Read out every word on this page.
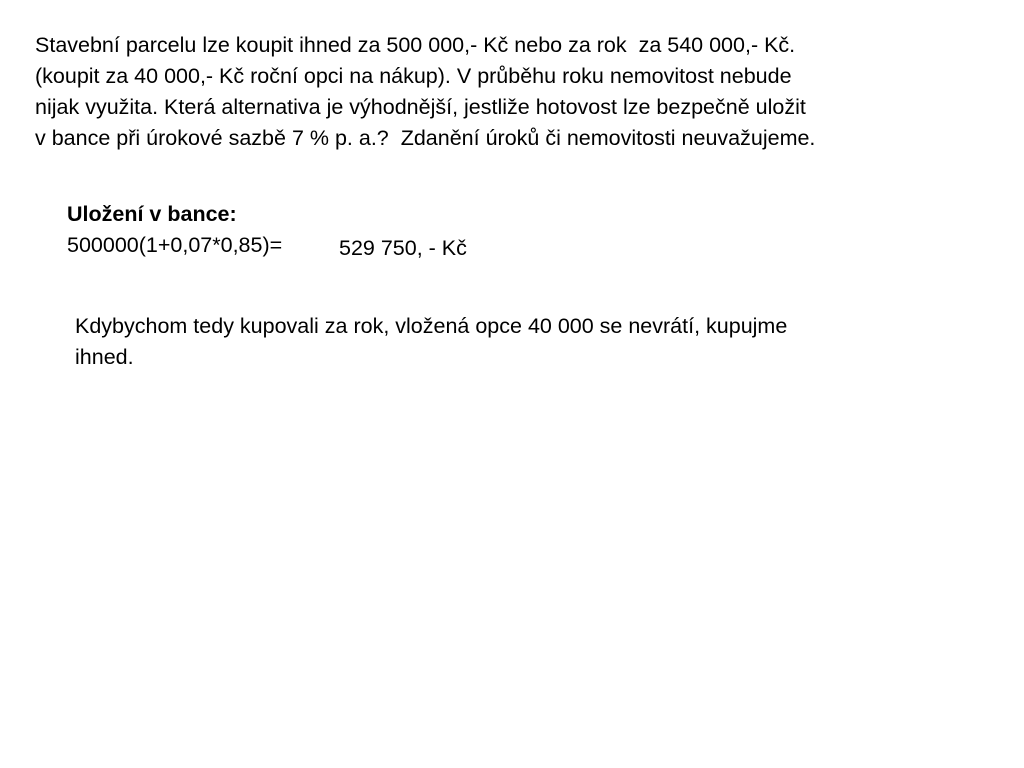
Stavební parcelu lze koupit ihned za 500 000,- Kč nebo za rok  za 540 000,- Kč.
(koupit za 40 000,- Kč roční opci na nákup). V průběhu roku nemovitost nebude
nijak využita. Která alternativa je výhodnější, jestliže hotovost lze bezpečně uložit
v bance při úrokové sazbě 7 % p. a.?  Zdanění úroků či nemovitosti neuvažujeme.
Uložení v bance:
500000(1+0,07*0,85)=	529 750, - Kč
Kdybychom tedy kupovali za rok, vložená opce 40 000 se nevrátí, kupujme
ihned.
